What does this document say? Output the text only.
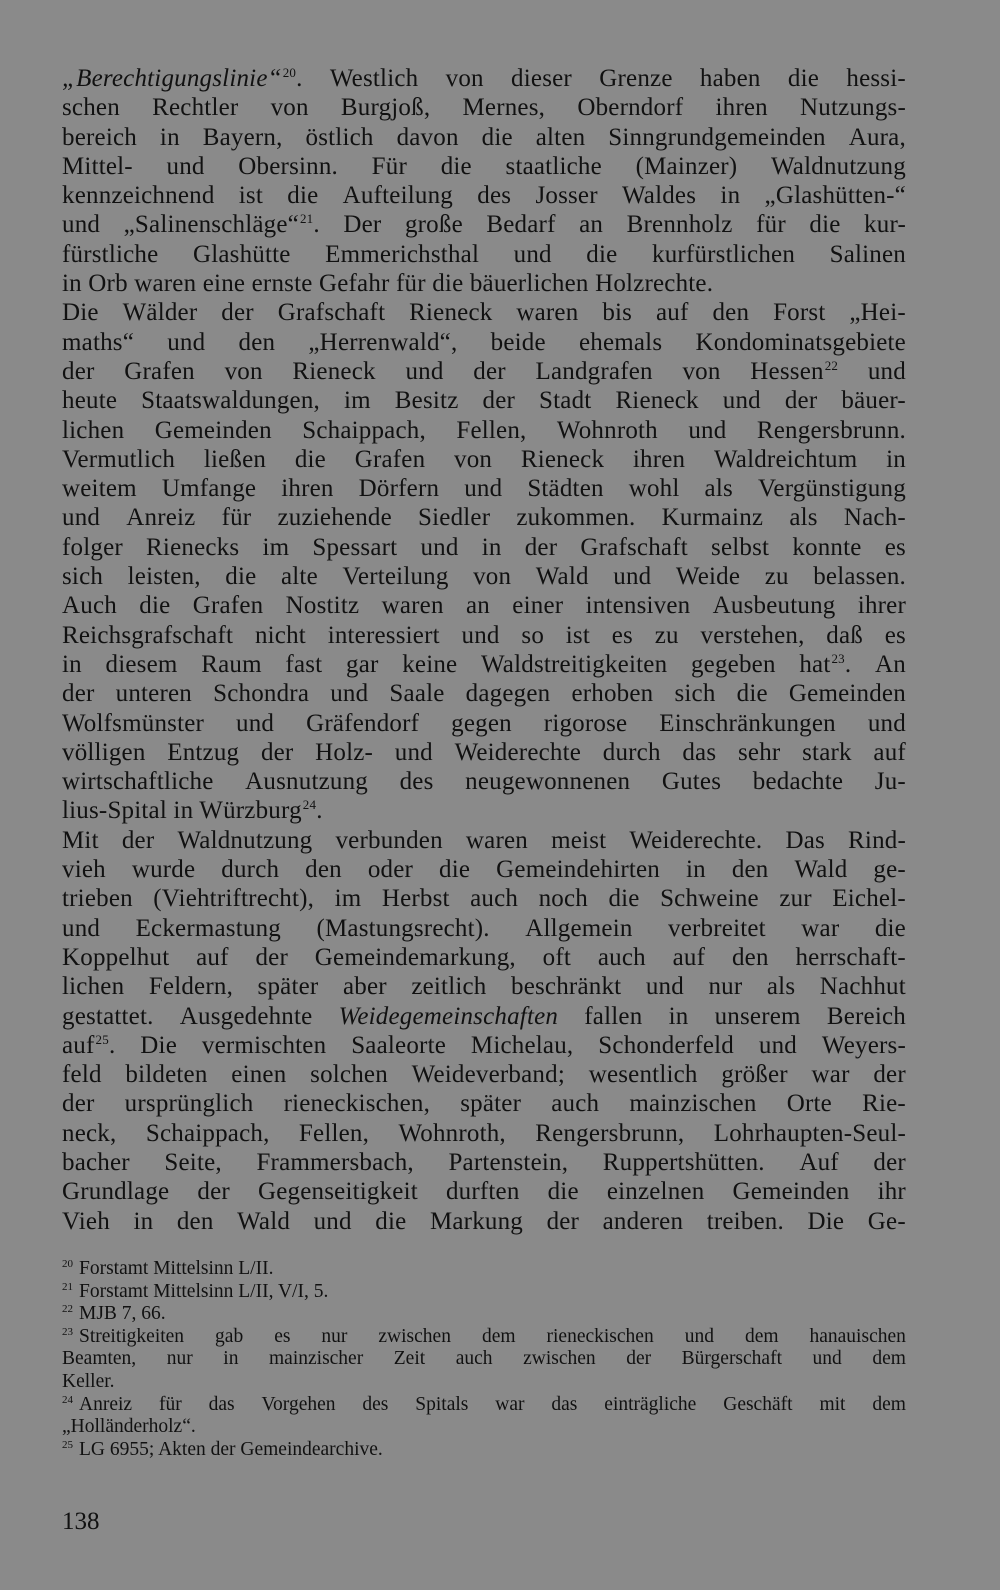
„Berechtigungslinie“$^{20}$. Westlich von dieser Grenze haben die hessi-
schen Rechtler von Burgjoß, Mernes, Oberndorf ihren Nutzungs-
bereich in Bayern, östlich davon die alten Sinngrundgemeinden Aura,
Mittel- und Obersinn. Für die staatliche (Mainzer) Waldnutzung
kennzeichnend ist die Aufteilung des Josser Waldes in „Glashütten-“
und „Salinenschläge“$^{21}$. Der große Bedarf an Brennholz für die kur-
fürstliche Glashütte Emmerichsthal und die kurfürstlichen Salinen
in Orb waren eine ernste Gefahr für die bäuerlichen Holzrechte.
Die Wälder der Grafschaft Rieneck waren bis auf den Forst „Hei-
maths“ und den „Herrenwald“, beide ehemals Kondominatsgebiete
der Grafen von Rieneck und der Landgrafen von Hessen$^{22}$ und
heute Staatswaldungen, im Besitz der Stadt Rieneck und der bäuer-
lichen Gemeinden Schaippach, Fellen, Wohnroth und Rengersbrunn.
Vermutlich ließen die Grafen von Rieneck ihren Waldreichtum in
weitem Umfange ihren Dörfern und Städten wohl als Vergünstigung
und Anreiz für zuziehende Siedler zukommen. Kurmainz als Nach-
folger Rienecks im Spessart und in der Grafschaft selbst konnte es
sich leisten, die alte Verteilung von Wald und Weide zu belassen.
Auch die Grafen Nostitz waren an einer intensiven Ausbeutung ihrer
Reichsgrafschaft nicht interessiert und so ist es zu verstehen, daß es
in diesem Raum fast gar keine Waldstreitigkeiten gegeben hat$^{23}$. An
der unteren Schondra und Saale dagegen erhoben sich die Gemeinden
Wolfsmünster und Gräfendorf gegen rigorose Einschränkungen und
völligen Entzug der Holz- und Weiderechte durch das sehr stark auf
wirtschaftliche Ausnutzung des neugewonnenen Gutes bedachte Ju-
lius-Spital in Würzburg$^{24}$.
Mit der Waldnutzung verbunden waren meist Weiderechte. Das Rind-
vieh wurde durch den oder die Gemeindehirten in den Wald ge-
trieben (Viehtriftrecht), im Herbst auch noch die Schweine zur Eichel-
und Eckermastung (Mastungsrecht). Allgemein verbreitet war die
Koppelhut auf der Gemeindemarkung, oft auch auf den herrschaft-
lichen Feldern, später aber zeitlich beschränkt und nur als Nachhut
gestattet. Ausgedehnte Weidegemeinschaften fallen in unserem Bereich
auf$^{25}$. Die vermischten Saaleorte Michelau, Schonderfeld und Weyers-
feld bildeten einen solchen Weideverband; wesentlich größer war der
der ursprünglich rieneckischen, später auch mainzischen Orte Rie-
neck, Schaippach, Fellen, Wohnroth, Rengersbrunn, Lohrhaupten-Seul-
bacher Seite, Frammersbach, Partenstein, Ruppertshütten. Auf der
Grundlage der Gegenseitigkeit durften die einzelnen Gemeinden ihr
Vieh in den Wald und die Markung der anderen treiben. Die Ge-
$^{20}$ Forstamt Mittelsinn L/II.
$^{21}$ Forstamt Mittelsinn L/II, V/I, 5.
$^{22}$ MJB 7, 66.
$^{23}$ Streitigkeiten gab es nur zwischen dem rieneckischen und dem hanauischen
Beamten, nur in mainzischer Zeit auch zwischen der Bürgerschaft und dem
Keller.
$^{24}$ Anreiz für das Vorgehen des Spitals war das einträgliche Geschäft mit dem
„Holländerholz“.
$^{25}$ LG 6955; Akten der Gemeindearchive.
138
